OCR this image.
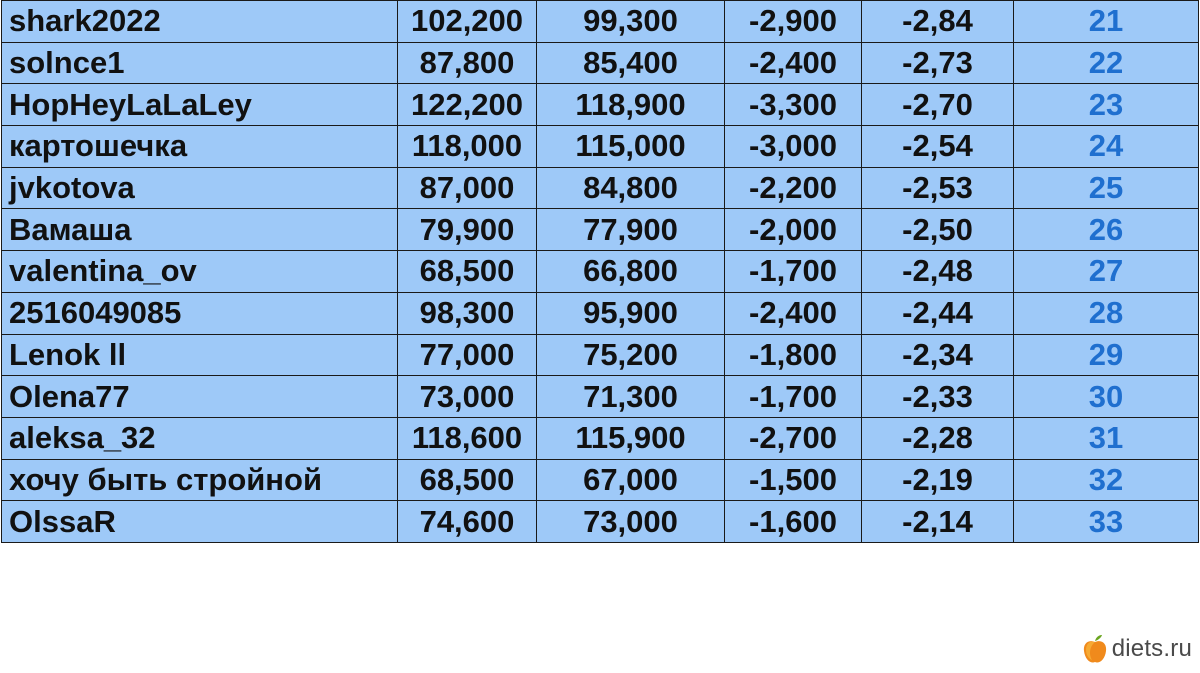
shark2022	102,200	99,300	-2,900	-2,84	21
solnce1	87,800	85,400	-2,400	-2,73	22
HopHeyLaLaLey	122,200	118,900	-3,300	-2,70	23
картошечка	118,000	115,000	-3,000	-2,54	24
jvkotova	87,000	84,800	-2,200	-2,53	25
Вамаша	79,900	77,900	-2,000	-2,50	26
valentina_ov	68,500	66,800	-1,700	-2,48	27
2516049085	98,300	95,900	-2,400	-2,44	28
Lenok ll	77,000	75,200	-1,800	-2,34	29
Olena77	73,000	71,300	-1,700	-2,33	30
aleksa_32	118,600	115,900	-2,700	-2,28	31
хочу быть стройной	68,500	67,000	-1,500	-2,19	32
OlssaR	74,600	73,000	-1,600	-2,14	33
diets.ru
